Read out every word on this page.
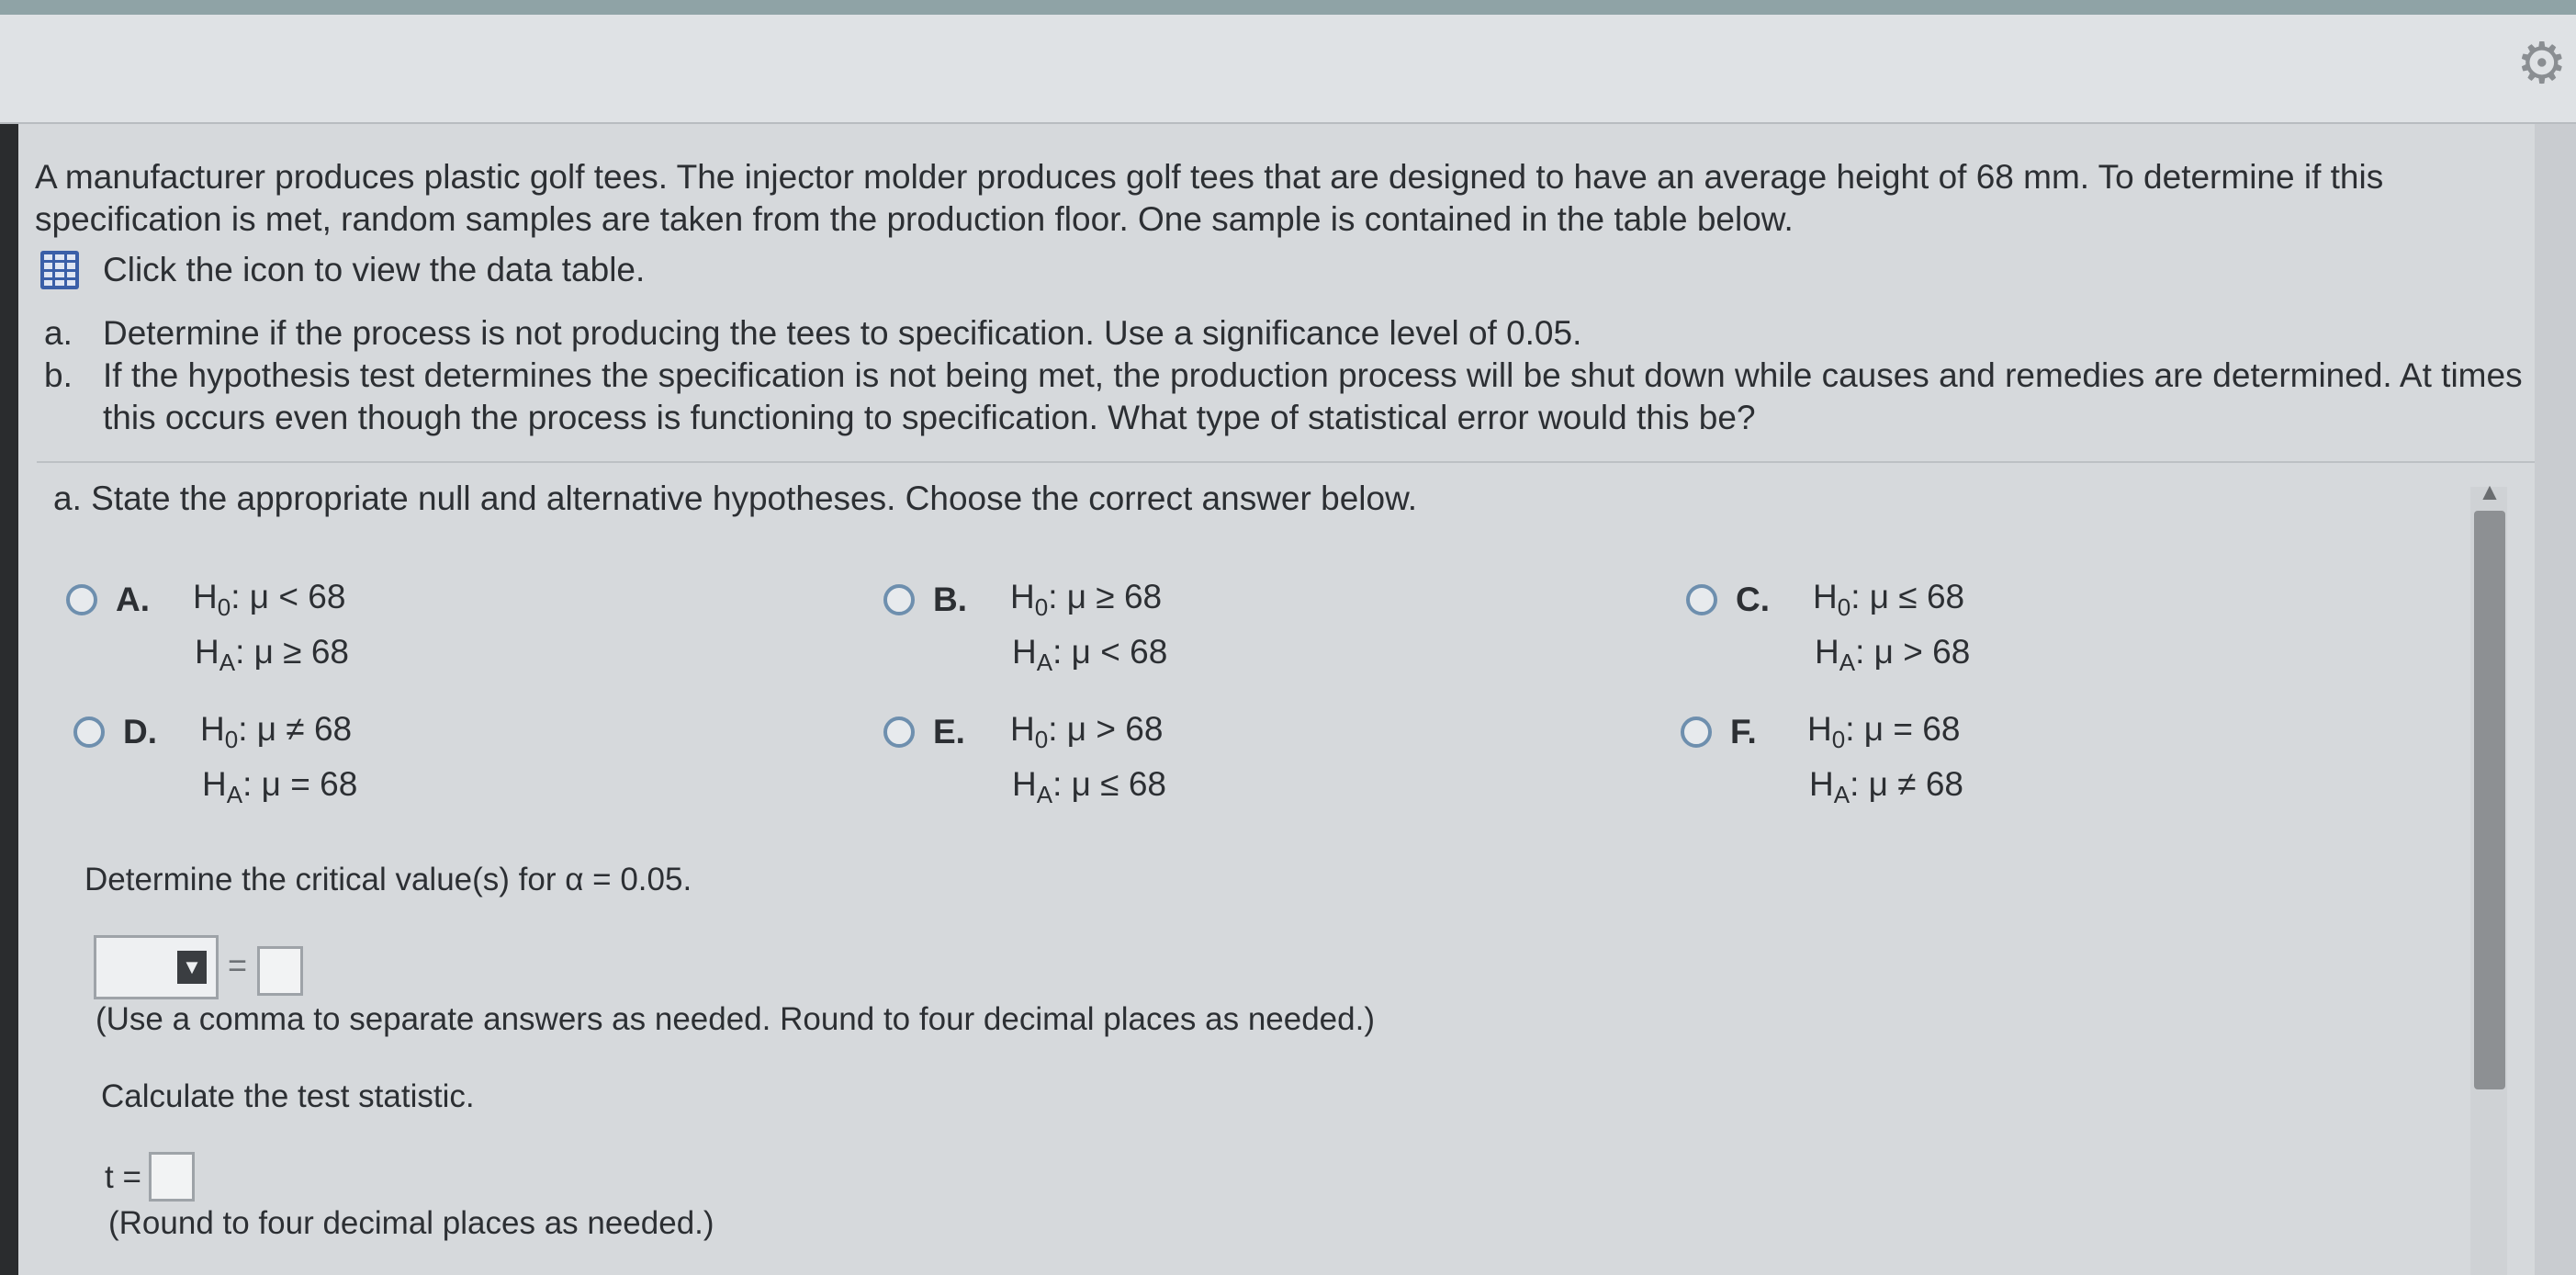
⚙
A manufacturer produces plastic golf tees. The injector molder produces golf tees that are designed to have an average height of 68 mm. To determine if this specification is met, random samples are taken from the production floor. One sample is contained in the table below.
Click the icon to view the data table.
a. Determine if the process is not producing the tees to specification. Use a significance level of 0.05.
b. If the hypothesis test determines the specification is not being met, the production process will be shut down while causes and remedies are determined. At times this occurs even though the process is functioning to specification. What type of statistical error would this be?
a. State the appropriate null and alternative hypotheses. Choose the correct answer below.
A.	$H_0$: μ < 68
$H_A$: μ ≥ 68
B.	$H_0$: μ ≥ 68
$H_A$: μ < 68
C.	$H_0$: μ ≤ 68
$H_A$: μ > 68
D.	$H_0$: μ ≠ 68
$H_A$: μ = 68
E.	$H_0$: μ > 68
$H_A$: μ ≤ 68
F.	$H_0$: μ = 68
$H_A$: μ ≠ 68
Determine the critical value(s) for α = 0.05.
▼ =
(Use a comma to separate answers as needed. Round to four decimal places as needed.)
Calculate the test statistic.
t =
(Round to four decimal places as needed.)
▲
